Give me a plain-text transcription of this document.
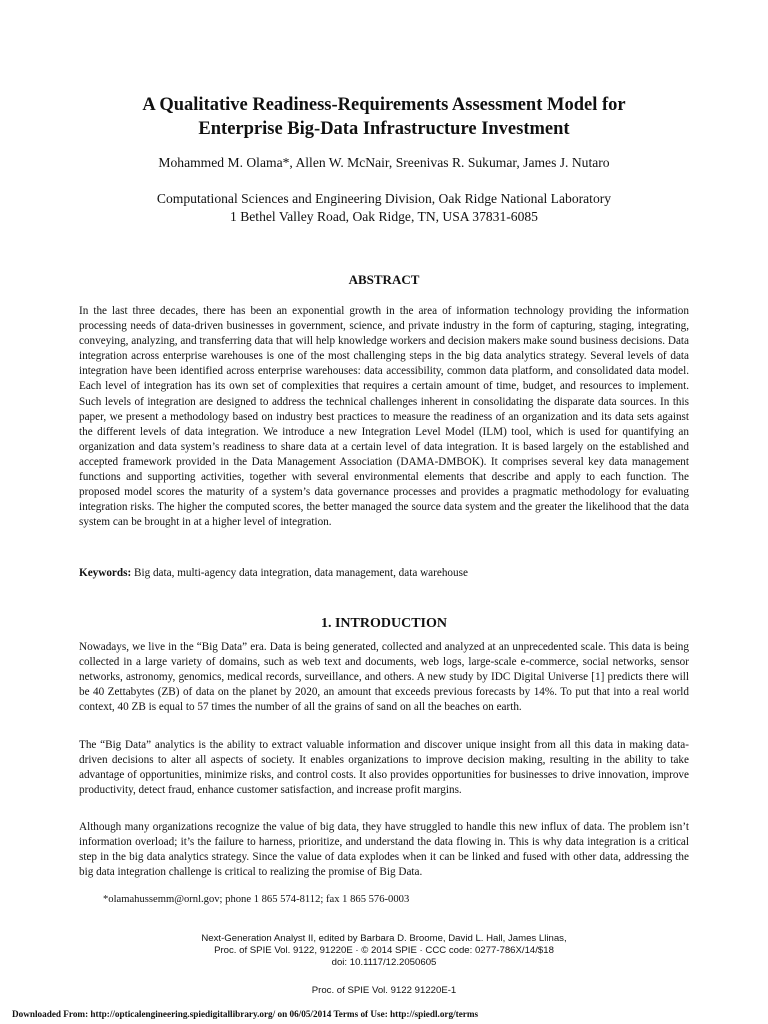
A Qualitative Readiness-Requirements Assessment Model for
Enterprise Big-Data Infrastructure Investment
Mohammed M. Olama*, Allen W. McNair, Sreenivas R. Sukumar, James J. Nutaro
Computational Sciences and Engineering Division, Oak Ridge National Laboratory
1 Bethel Valley Road, Oak Ridge, TN, USA 37831-6085
ABSTRACT

In the last three decades, there has been an exponential growth in the area of information technology providing the information processing needs of data-driven businesses in government, science, and private industry in the form of capturing, staging, integrating, conveying, analyzing, and transferring data that will help knowledge workers and decision makers make sound business decisions. Data integration across enterprise warehouses is one of the most challenging steps in the big data analytics strategy. Several levels of data integration have been identified across enterprise warehouses: data accessibility, common data platform, and consolidated data model. Each level of integration has its own set of complexities that requires a certain amount of time, budget, and resources to implement. Such levels of integration are designed to address the technical challenges inherent in consolidating the disparate data sources. In this paper, we present a methodology based on industry best practices to measure the readiness of an organization and its data sets against the different levels of data integration. We introduce a new Integration Level Model (ILM) tool, which is used for quantifying an organization and data system’s readiness to share data at a certain level of data integration. It is based largely on the established and accepted framework provided in the Data Management Association (DAMA-DMBOK). It comprises several key data management functions and supporting activities, together with several environmental elements that describe and apply to each function. The proposed model scores the maturity of a system’s data governance processes and provides a pragmatic methodology for evaluating integration risks. The higher the computed scores, the better managed the source data system and the greater the likelihood that the data system can be brought in at a higher level of integration.

Keywords: Big data, multi-agency data integration, data management, data warehouse

1. INTRODUCTION

Nowadays, we live in the “Big Data” era. Data is being generated, collected and analyzed at an unprecedented scale. This data is being collected in a large variety of domains, such as web text and documents, web logs, large-scale e-commerce, social networks, sensor networks, astronomy, genomics, medical records, surveillance, and others. A new study by IDC Digital Universe [1] predicts there will be 40 Zettabytes (ZB) of data on the planet by 2020, an amount that exceeds previous forecasts by 14%. To put that into a real world context, 40 ZB is equal to 57 times the number of all the grains of sand on all the beaches on earth.

The “Big Data” analytics is the ability to extract valuable information and discover unique insight from all this data in making data-driven decisions to alter all aspects of society. It enables organizations to improve decision making, resulting in the ability to take advantage of opportunities, minimize risks, and control costs. It also provides opportunities for businesses to drive innovation, improve productivity, detect fraud, enhance customer satisfaction, and increase profit margins.

Although many organizations recognize the value of big data, they have struggled to handle this new influx of data. The problem isn’t information overload; it’s the failure to harness, prioritize, and understand the data flowing in. This is why data integration is a critical step in the big data analytics strategy. Since the value of data explodes when it can be linked and fused with other data, addressing the big data integration challenge is critical to realizing the promise of Big Data.

*olamahussemm@ornl.gov; phone 1 865 574-8112; fax 1 865 576-0003
Next-Generation Analyst II, edited by Barbara D. Broome, David L. Hall, James Llinas,
Proc. of SPIE Vol. 9122, 91220E · © 2014 SPIE · CCC code: 0277-786X/14/$18
doi: 10.1117/12.2050605
Proc. of SPIE Vol. 9122 91220E-1
Downloaded From: http://opticalengineering.spiedigitallibrary.org/ on 06/05/2014 Terms of Use: http://spiedl.org/terms
